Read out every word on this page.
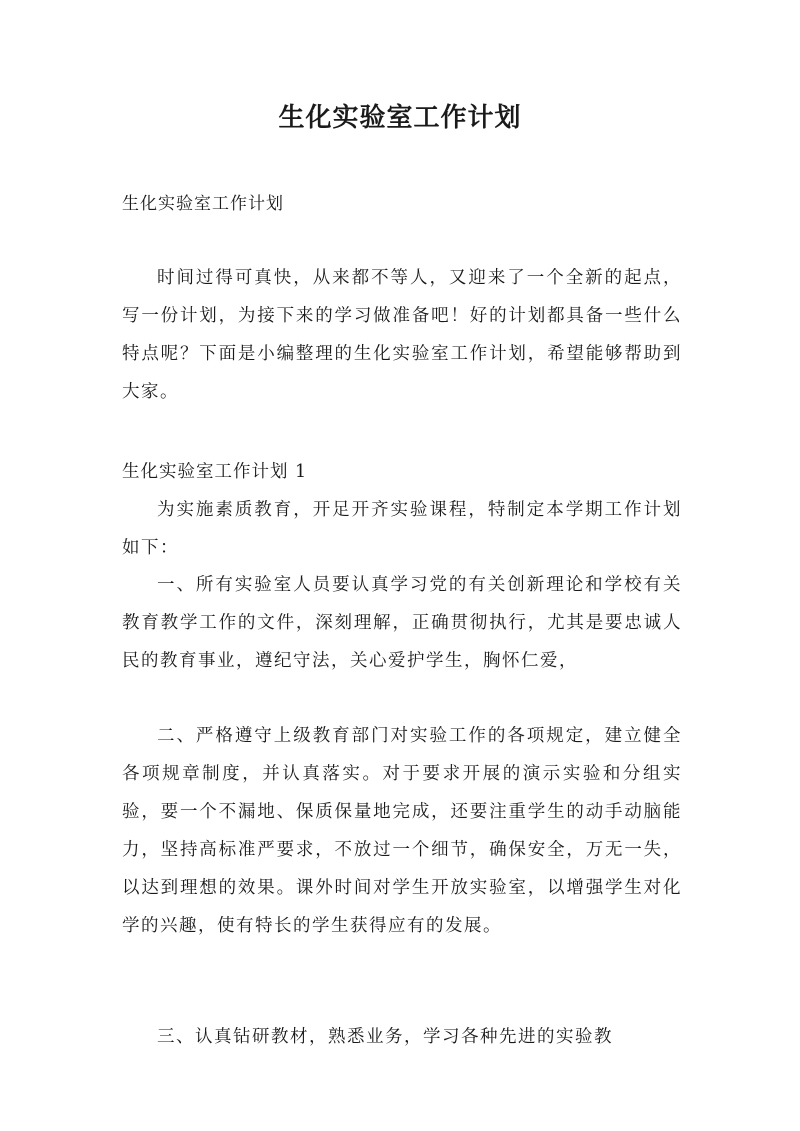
生化实验室工作计划

生化实验室工作计划

时间过得可真快，从来都不等人，又迎来了一个全新的起点，写一份计划，为接下来的学习做准备吧！好的计划都具备一些什么特点呢？下面是小编整理的生化实验室工作计划，希望能够帮助到大家。

生化实验室工作计划 1

为实施素质教育，开足开齐实验课程，特制定本学期工作计划如下：

一、所有实验室人员要认真学习党的有关创新理论和学校有关教育教学工作的文件，深刻理解，正确贯彻执行，尤其是要忠诚人民的教育事业，遵纪守法，关心爱护学生，胸怀仁爱，

二、严格遵守上级教育部门对实验工作的各项规定，建立健全各项规章制度，并认真落实。对于要求开展的演示实验和分组实验，要一个不漏地、保质保量地完成，还要注重学生的动手动脑能力，坚持高标准严要求，不放过一个细节，确保安全，万无一失，以达到理想的效果。课外时间对学生开放实验室，以增强学生对化学的兴趣，使有特长的学生获得应有的发展。

三、认真钻研教材，熟悉业务，学习各种先进的实验教
